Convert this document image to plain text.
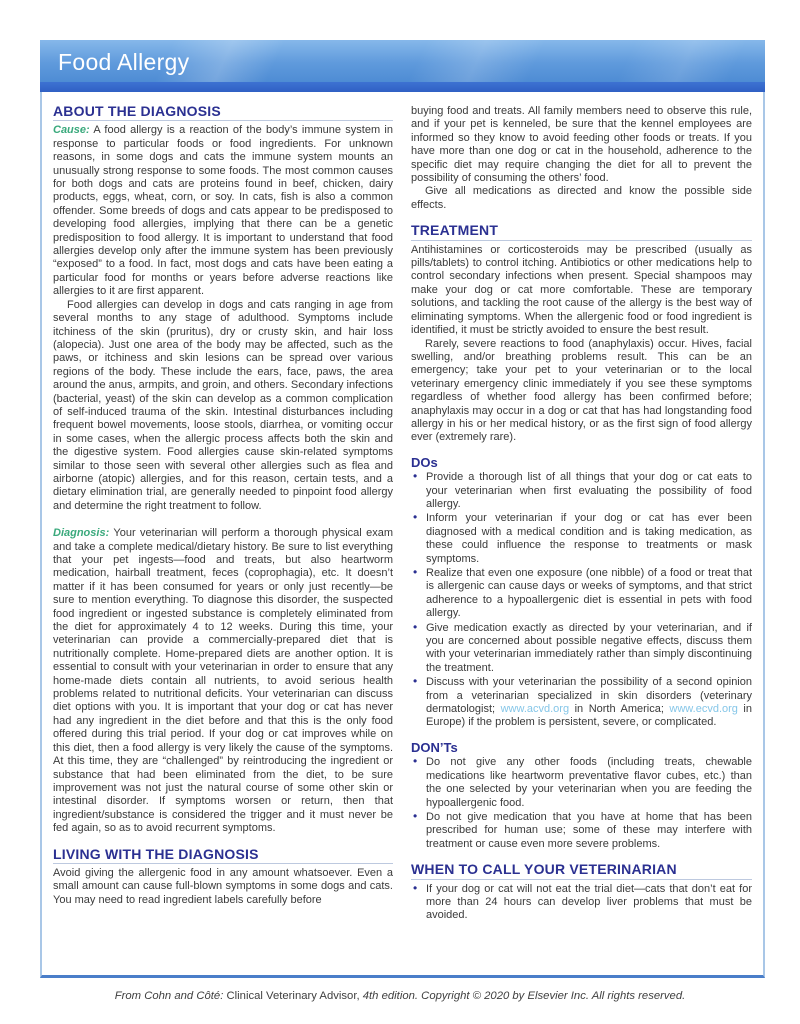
Food Allergy
ABOUT THE DIAGNOSIS

Cause: A food allergy is a reaction of the body’s immune system in response to particular foods or food ingredients. For unknown reasons, in some dogs and cats the immune system mounts an unusually strong response to some foods. The most common causes for both dogs and cats are proteins found in beef, chicken, dairy products, eggs, wheat, corn, or soy. In cats, fish is also a common offender. Some breeds of dogs and cats appear to be predisposed to developing food allergies, implying that there can be a genetic predisposition to food allergy. It is important to understand that food allergies develop only after the immune system has been previously “exposed” to a food. In fact, most dogs and cats have been eating a particular food for months or years before adverse reactions like allergies to it are first apparent.

Food allergies can develop in dogs and cats ranging in age from several months to any stage of adulthood. Symptoms include itchiness of the skin (pruritus), dry or crusty skin, and hair loss (alopecia). Just one area of the body may be affected, such as the paws, or itchiness and skin lesions can be spread over various regions of the body. These include the ears, face, paws, the area around the anus, armpits, and groin, and others. Secondary infections (bacterial, yeast) of the skin can develop as a common complication of self-induced trauma of the skin. Intestinal disturbances including frequent bowel movements, loose stools, diarrhea, or vomiting occur in some cases, when the allergic process affects both the skin and the digestive system. Food allergies cause skin-related symptoms similar to those seen with several other allergies such as flea and airborne (atopic) allergies, and for this reason, certain tests, and a dietary elimination trial, are generally needed to pinpoint food allergy and determine the right treatment to follow.

Diagnosis: Your veterinarian will perform a thorough physical exam and take a complete medical/dietary history. Be sure to list everything that your pet ingests—food and treats, but also heartworm medication, hairball treatment, feces (coprophagia), etc. It doesn’t matter if it has been consumed for years or only just recently—be sure to mention everything. To diagnose this disorder, the suspected food ingredient or ingested substance is completely eliminated from the diet for approximately 4 to 12 weeks. During this time, your veterinarian can provide a commercially-prepared diet that is nutritionally complete. Home-prepared diets are another option. It is essential to consult with your veterinarian in order to ensure that any home-made diets contain all nutrients, to avoid serious health problems related to nutritional deficits. Your veterinarian can discuss diet options with you. It is important that your dog or cat has never had any ingredient in the diet before and that this is the only food offered during this trial period. If your dog or cat improves while on this diet, then a food allergy is very likely the cause of the symptoms. At this time, they are “challenged” by reintroducing the ingredient or substance that had been eliminated from the diet, to be sure improvement was not just the natural course of some other skin or intestinal disorder. If symptoms worsen or return, then that ingredient/substance is considered the trigger and it must never be fed again, so as to avoid recurrent symptoms.

LIVING WITH THE DIAGNOSIS

Avoid giving the allergenic food in any amount whatsoever. Even a small amount can cause full-blown symptoms in some dogs and cats. You may need to read ingredient labels carefully before

buying food and treats. All family members need to observe this rule, and if your pet is kenneled, be sure that the kennel employees are informed so they know to avoid feeding other foods or treats. If you have more than one dog or cat in the household, adherence to the specific diet may require changing the diet for all to prevent the possibility of consuming the others’ food.

Give all medications as directed and know the possible side effects.

TREATMENT

Antihistamines or corticosteroids may be prescribed (usually as pills/tablets) to control itching. Antibiotics or other medications help to control secondary infections when present. Special shampoos may make your dog or cat more comfortable. These are temporary solutions, and tackling the root cause of the allergy is the best way of eliminating symptoms. When the allergenic food or food ingredient is identified, it must be strictly avoided to ensure the best result.

Rarely, severe reactions to food (anaphylaxis) occur. Hives, facial swelling, and/or breathing problems result. This can be an emergency; take your pet to your veterinarian or to the local veterinary emergency clinic immediately if you see these symptoms regardless of whether food allergy has been confirmed before; anaphylaxis may occur in a dog or cat that has had longstanding food allergy in his or her medical history, or as the first sign of food allergy ever (extremely rare).

DOs
• Provide a thorough list of all things that your dog or cat eats to your veterinarian when first evaluating the possibility of food allergy.
• Inform your veterinarian if your dog or cat has ever been diagnosed with a medical condition and is taking medication, as these could influence the response to treatments or mask symptoms.
• Realize that even one exposure (one nibble) of a food or treat that is allergenic can cause days or weeks of symptoms, and that strict adherence to a hypoallergenic diet is essential in pets with food allergy.
• Give medication exactly as directed by your veterinarian, and if you are concerned about possible negative effects, discuss them with your veterinarian immediately rather than simply discontinuing the treatment.
• Discuss with your veterinarian the possibility of a second opinion from a veterinarian specialized in skin disorders (veterinary dermatologist; www.acvd.org in North America; www.ecvd.org in Europe) if the problem is persistent, severe, or complicated.
DON’Ts
• Do not give any other foods (including treats, chewable medications like heartworm preventative flavor cubes, etc.) than the one selected by your veterinarian when you are feeding the hypoallergenic food.
• Do not give medication that you have at home that has been prescribed for human use; some of these may interfere with treatment or cause even more severe problems.
WHEN TO CALL YOUR VETERINARIAN
• If your dog or cat will not eat the trial diet—cats that don’t eat for more than 24 hours can develop liver problems that must be avoided.
From Cohn and Côté: Clinical Veterinary Advisor, 4th edition. Copyright © 2020 by Elsevier Inc. All rights reserved.
